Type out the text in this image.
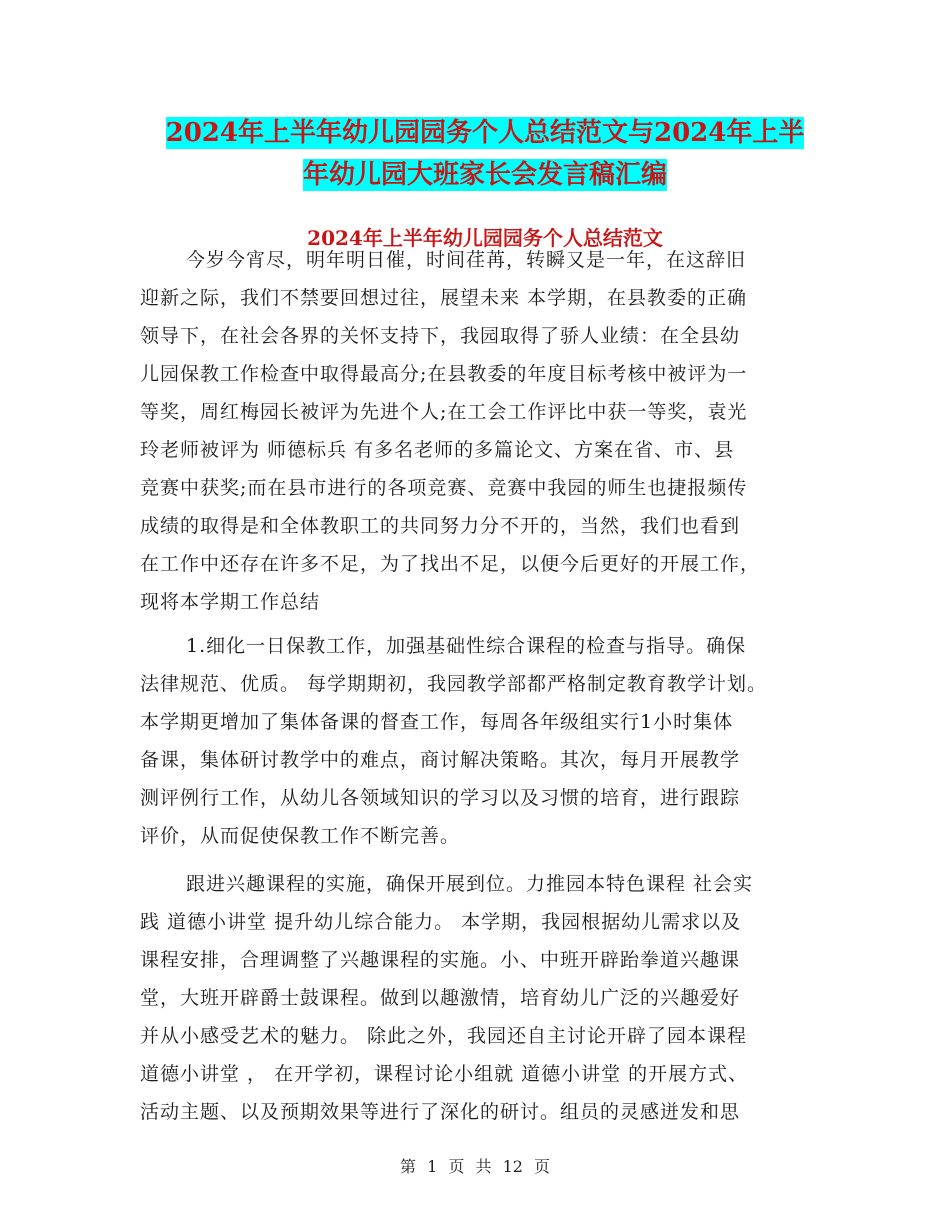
2024年上半年幼儿园园务个人总结范文与2024年上半
年幼儿园大班家长会发言稿汇编
2024年上半年幼儿园园务个人总结范文
今岁今宵尽，明年明日催，时间荏苒，转瞬又是一年，在这辞旧
迎新之际，我们不禁要回想过往，展望未来 本学期，在县教委的正确
领导下，在社会各界的关怀支持下，我园取得了骄人业绩：在全县幼
儿园保教工作检查中取得最高分;在县教委的年度目标考核中被评为一
等奖，周红梅园长被评为先进个人;在工会工作评比中获一等奖，袁光
玲老师被评为 师德标兵 有多名老师的多篇论文、方案在省、市、县
竞赛中获奖;而在县市进行的各项竞赛、竞赛中我园的师生也捷报频传
成绩的取得是和全体教职工的共同努力分不开的，当然，我们也看到
在工作中还存在许多不足，为了找出不足，以便今后更好的开展工作，
现将本学期工作总结
1.细化一日保教工作，加强基础性综合课程的检查与指导。确保
法律规范、优质。 每学期期初，我园教学部都严格制定教育教学计划。
本学期更增加了集体备课的督查工作，每周各年级组实行1小时集体
备课，集体研讨教学中的难点，商讨解决策略。其次，每月开展教学
测评例行工作，从幼儿各领域知识的学习以及习惯的培育，进行跟踪
评价，从而促使保教工作不断完善。
跟进兴趣课程的实施，确保开展到位。力推园本特色课程 社会实
践 道德小讲堂 提升幼儿综合能力。 本学期，我园根据幼儿需求以及
课程安排，合理调整了兴趣课程的实施。小、中班开辟跆拳道兴趣课
堂，大班开辟爵士鼓课程。做到以趣激情，培育幼儿广泛的兴趣爱好
并从小感受艺术的魅力。 除此之外，我园还自主讨论开辟了园本课程
道德小讲堂 ， 在开学初，课程讨论小组就 道德小讲堂 的开展方式、
活动主题、以及预期效果等进行了深化的研讨。组员的灵感迸发和思
第 1 页 共 12 页
